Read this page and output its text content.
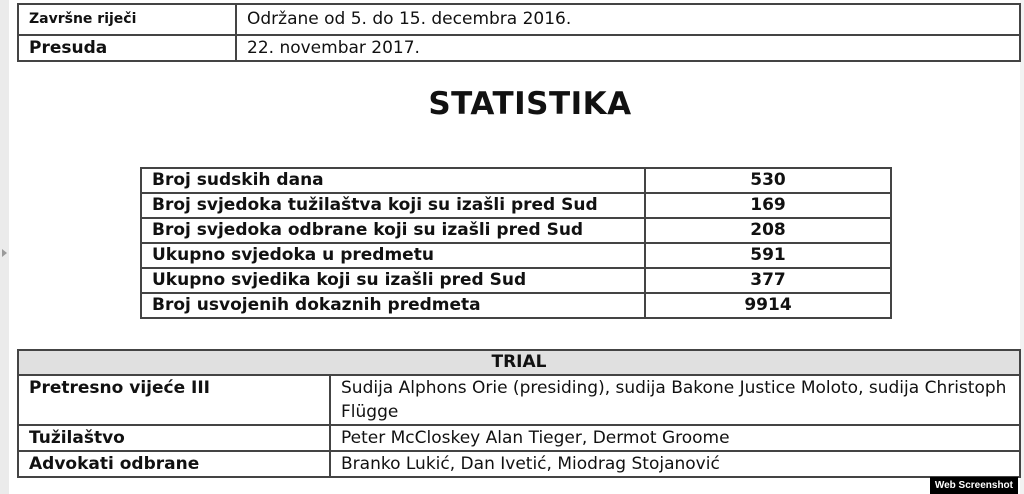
Završne riječi	Održane od 5. do 15. decembra 2016.
Presuda	22. novembar 2017.
STATISTIKA
Broj sudskih dana	530
Broj svjedoka tužilaštva koji su izašli pred Sud	169
Broj svjedoka odbrane koji su izašli pred Sud	208
Ukupno svjedoka u predmetu	591
Ukupno svjedika koji su izašli pred Sud	377
Broj usvojenih dokaznih predmeta	9914
TRIAL	
Pretresno vijeće III	Sudija Alphons Orie (presiding), sudija Bakone Justice Moloto, sudija Christoph Flügge
Tužilaštvo	Peter McCloskey Alan Tieger, Dermot Groome
Advokati odbrane	Branko Lukić, Dan Ivetić, Miodrag Stojanović
Web Screenshot
